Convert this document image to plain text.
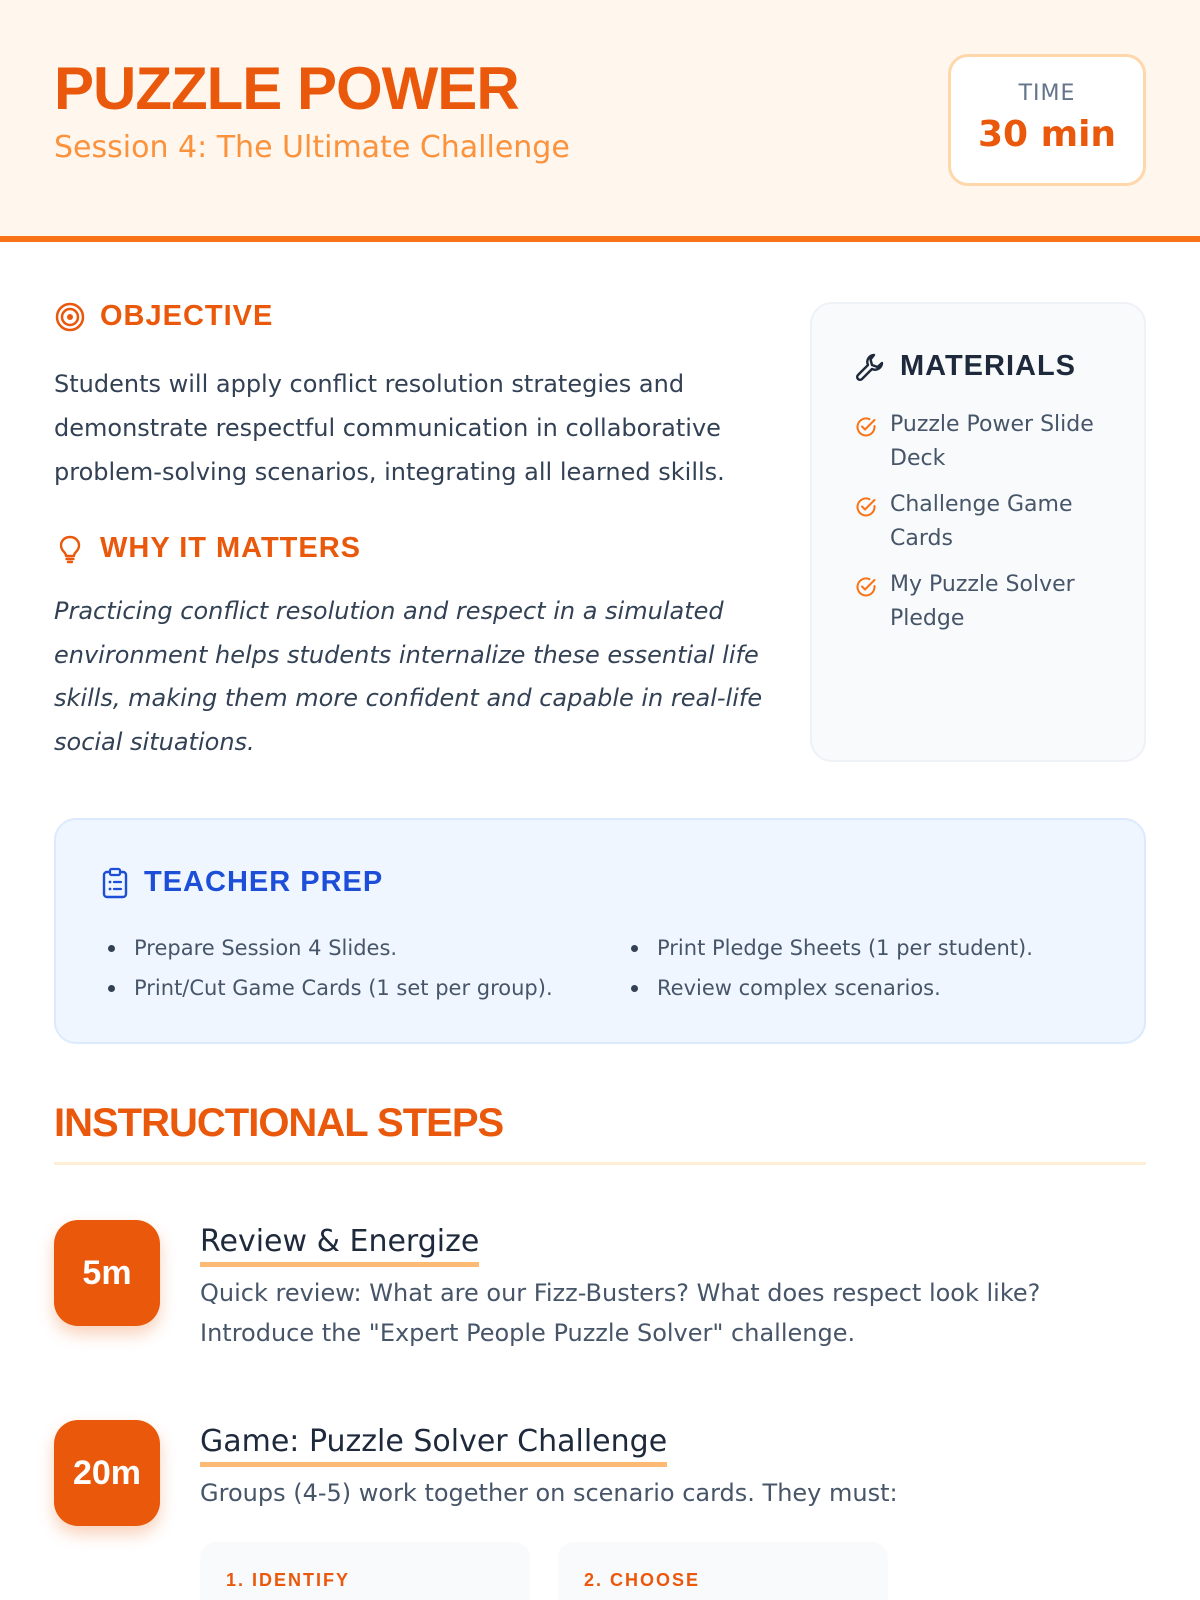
PUZZLE POWER
Session 4: The Ultimate Challenge
TIME
30 min
OBJECTIVE

Students will apply conflict resolution strategies and demonstrate respectful communication in collaborative problem-solving scenarios, integrating all learned skills.

WHY IT MATTERS

Practicing conflict resolution and respect in a simulated environment helps students internalize these essential life skills, making them more confident and capable in real-life social situations.

MATERIALS
Puzzle Power Slide Deck
Challenge Game Cards
My Puzzle Solver Pledge
TEACHER PREP
Prepare Session 4 Slides.
Print/Cut Game Cards (1 set per group).
Print Pledge Sheets (1 per student).
Review complex scenarios.
INSTRUCTIONAL STEPS
5m
Review & Energize

Quick review: What are our Fizz-Busters? What does respect look like? Introduce the "Expert People Puzzle Solver" challenge.

20m
Game: Puzzle Solver Challenge

Groups (4-5) work together on scenario cards. They must:

1. IDENTIFY	2. CHOOSE
